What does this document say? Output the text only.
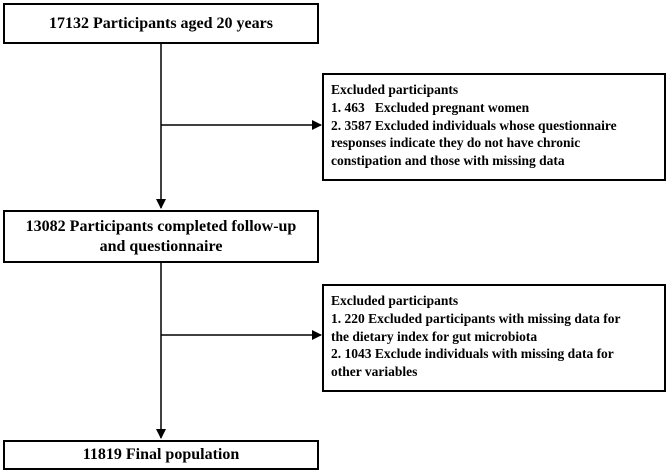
17132 Participants aged 20 years
Excluded participants
1. 463   Excluded pregnant women
2. 3587 Excluded individuals whose questionnaire
responses indicate they do not have chronic
constipation and those with missing data
13082 Participants completed follow-up
and questionnaire
Excluded participants
1. 220 Excluded participants with missing data for
the dietary index for gut microbiota
2. 1043 Exclude individuals with missing data for
other variables
11819 Final population
